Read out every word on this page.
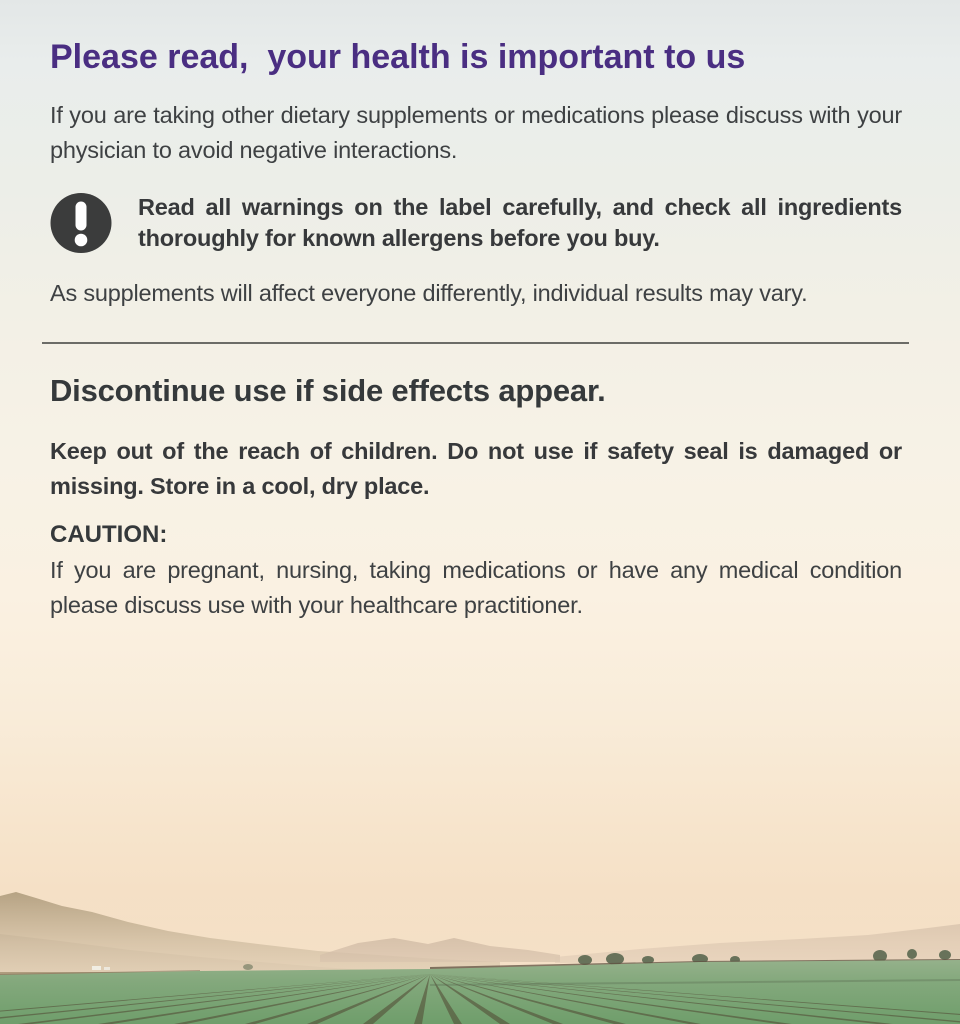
Please read,  your health is important to us

If you are taking other dietary supplements or medications please discuss with your physician to avoid negative interactions.

Read all warnings on the label carefully, and check all ingredients thoroughly for known allergens before you buy.

As supplements will affect everyone differently, individual results may vary.

Discontinue use if side effects appear.

Keep out of the reach of children. Do not use if safety seal is damaged or missing. Store in a cool, dry place.

CAUTION:

If you are pregnant, nursing, taking medications or have any medical condition please discuss use with your healthcare practitioner.
